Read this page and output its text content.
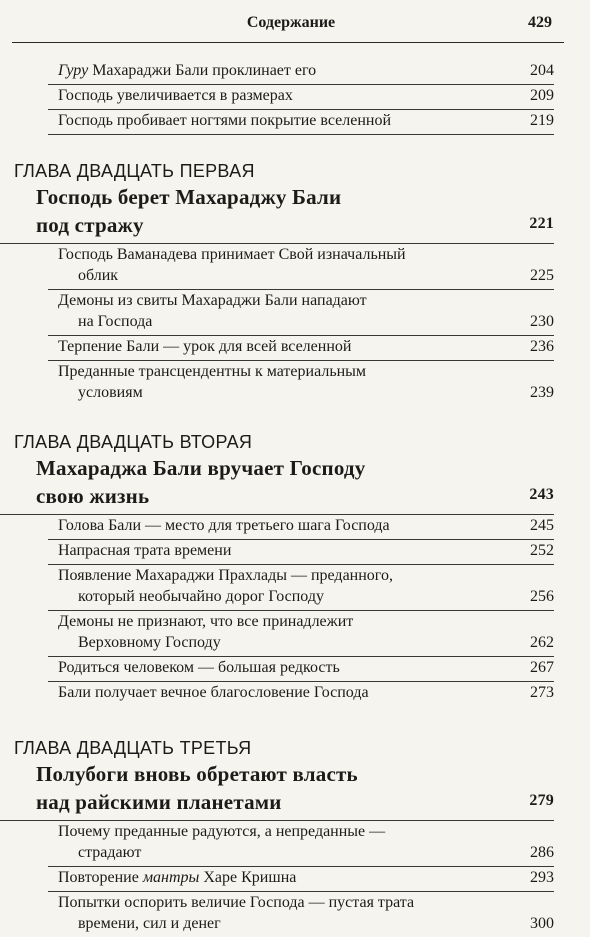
Содержание	429
Гуру Махараджи Бали проклинает его	204
Господь увеличивается в размерах	209
Господь пробивает ногтями покрытие вселенной	219
ГЛАВА ДВАДЦАТЬ ПЕРВАЯ
Господь берет Махараджу Бали
под стражу	221
Господь Ваманадева принимает Свой изначальный
облик	225
Демоны из свиты Махараджи Бали нападают
на Господа	230
Терпение Бали — урок для всей вселенной	236
Преданные трансцендентны к материальным
условиям	239
ГЛАВА ДВАДЦАТЬ ВТОРАЯ
Махараджа Бали вручает Господу
свою жизнь	243
Голова Бали — место для третьего шага Господа	245
Напрасная трата времени	252
Появление Махараджи Прахлады — преданного,
который необычайно дорог Господу	256
Демоны не признают, что все принадлежит
Верховному Господу	262
Родиться человеком — большая редкость	267
Бали получает вечное благословение Господа	273
ГЛАВА ДВАДЦАТЬ ТРЕТЬЯ
Полубоги вновь обретают власть
над райскими планетами	279
Почему преданные радуются, а непреданные —
страдают	286
Повторение мантры Харе Кришна	293
Попытки оспорить величие Господа — пустая трата
времени, сил и денег	300
